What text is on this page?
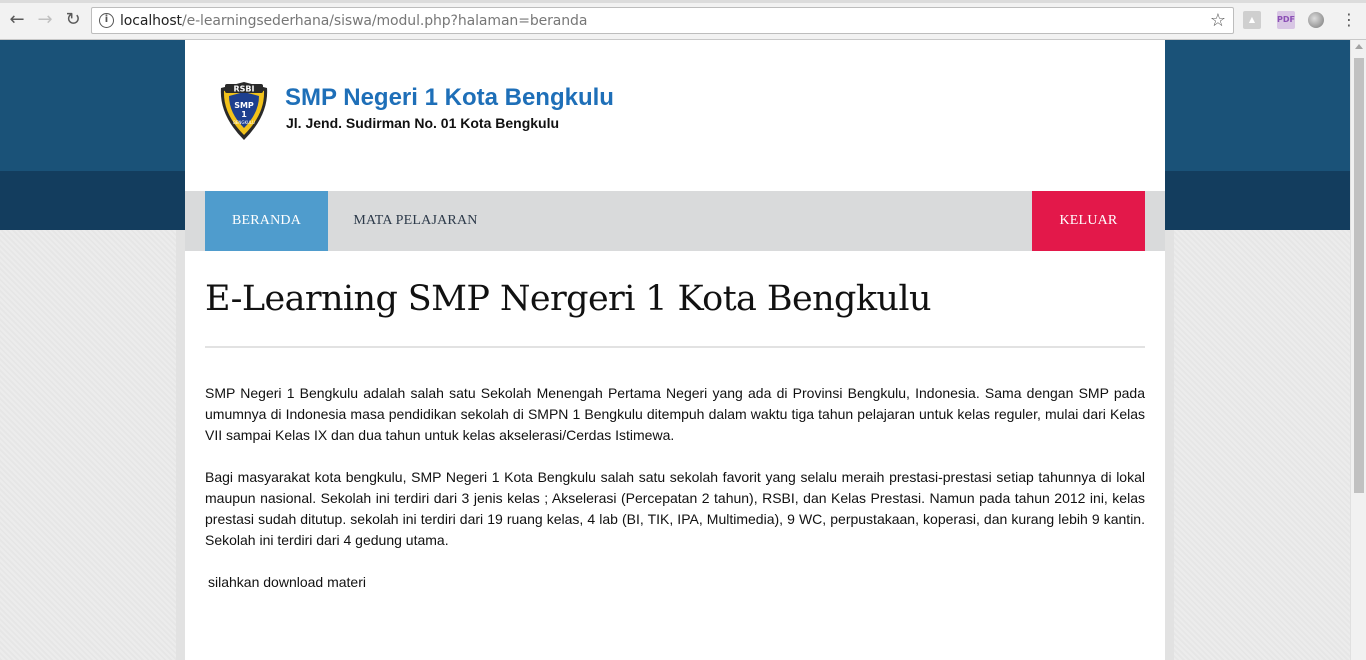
← → ↻	i localhost/e-learningsederhana/siswa/modul.php?halaman=beranda	☆	▲	PDF	⋮
RSBI
SMP
1
BENGKULU
SMP Negeri 1 Kota Bengkulu
Jl. Jend. Sudirman No. 01 Kota Bengkulu
BERANDA	MATA PELAJARAN	KELUAR
E-Learning SMP Nergeri 1 Kota Bengkulu

SMP Negeri 1 Bengkulu adalah salah satu Sekolah Menengah Pertama Negeri yang ada di Provinsi Bengkulu, Indonesia. Sama dengan SMP pada umumnya di Indonesia masa pendidikan sekolah di SMPN 1 Bengkulu ditempuh dalam waktu tiga tahun pelajaran untuk kelas reguler, mulai dari Kelas VII sampai Kelas IX dan dua tahun untuk kelas akselerasi/Cerdas Istimewa.

Bagi masyarakat kota bengkulu, SMP Negeri 1 Kota Bengkulu salah satu sekolah favorit yang selalu meraih prestasi-prestasi setiap tahunnya di lokal maupun nasional. Sekolah ini terdiri dari 3 jenis kelas ; Akselerasi (Percepatan 2 tahun), RSBI, dan Kelas Prestasi. Namun pada tahun 2012 ini, kelas prestasi sudah ditutup. sekolah ini terdiri dari 19 ruang kelas, 4 lab (BI, TIK, IPA, Multimedia), 9 WC, perpustakaan, koperasi, dan kurang lebih 9 kantin. Sekolah ini terdiri dari 4 gedung utama.

silahkan download materi
